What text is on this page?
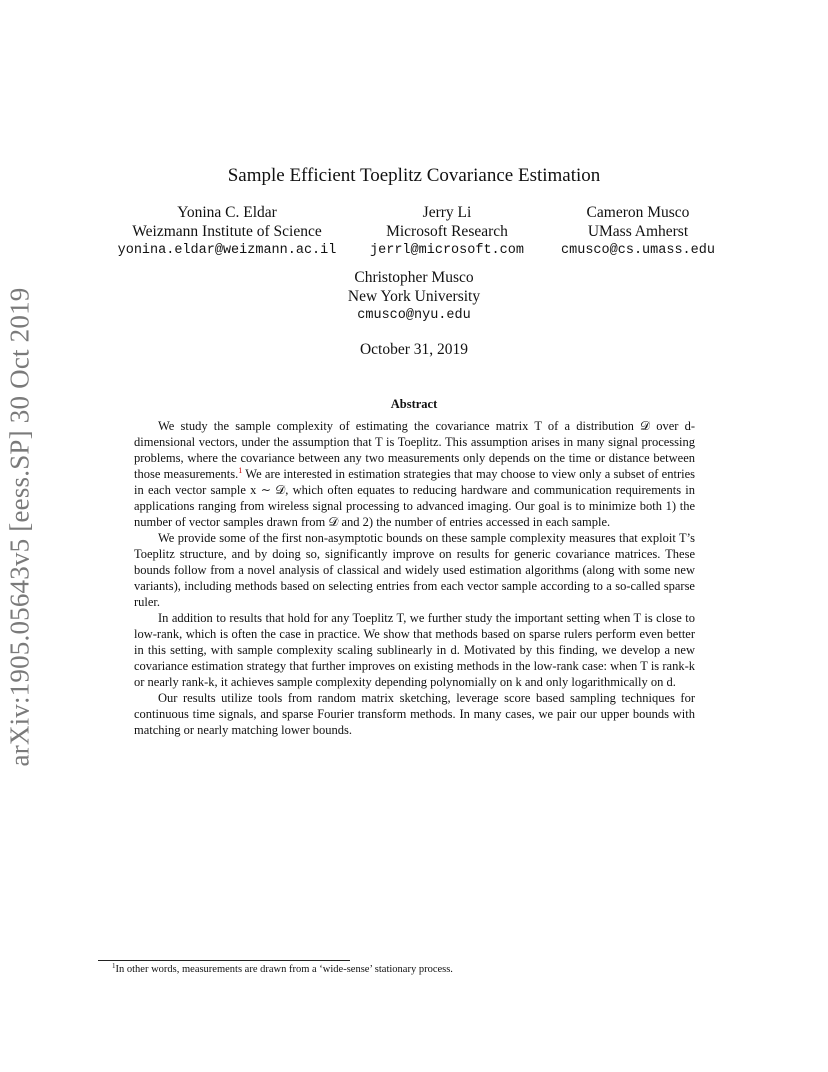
arXiv:1905.05643v5 [eess.SP] 30 Oct 2019
Sample Efficient Toeplitz Covariance Estimation
Yonina C. Eldar
Weizmann Institute of Science
yonina.eldar@weizmann.ac.il
Jerry Li
Microsoft Research
jerrl@microsoft.com
Cameron Musco
UMass Amherst
cmusco@cs.umass.edu
Christopher Musco
New York University
cmusco@nyu.edu
October 31, 2019
Abstract

We study the sample complexity of estimating the covariance matrix T of a distribution 𝒟 over d-dimensional vectors, under the assumption that T is Toeplitz. This assumption arises in many signal processing problems, where the covariance between any two measurements only depends on the time or distance between those measurements.$^1$ We are interested in estimation strategies that may choose to view only a subset of entries in each vector sample x ∼ 𝒟, which often equates to reducing hardware and communication requirements in applications ranging from wireless signal processing to advanced imaging. Our goal is to minimize both 1) the number of vector samples drawn from 𝒟 and 2) the number of entries accessed in each sample.

We provide some of the first non-asymptotic bounds on these sample complexity measures that exploit T’s Toeplitz structure, and by doing so, significantly improve on results for generic covariance matrices. These bounds follow from a novel analysis of classical and widely used estimation algorithms (along with some new variants), including methods based on selecting entries from each vector sample according to a so-called sparse ruler.

In addition to results that hold for any Toeplitz T, we further study the important setting when T is close to low-rank, which is often the case in practice. We show that methods based on sparse rulers perform even better in this setting, with sample complexity scaling sublinearly in d. Motivated by this finding, we develop a new covariance estimation strategy that further improves on existing methods in the low-rank case: when T is rank-k or nearly rank-k, it achieves sample complexity depending polynomially on k and only logarithmically on d.

Our results utilize tools from random matrix sketching, leverage score based sampling techniques for continuous time signals, and sparse Fourier transform methods. In many cases, we pair our upper bounds with matching or nearly matching lower bounds.

$^1$In other words, measurements are drawn from a ‘wide-sense’ stationary process.
